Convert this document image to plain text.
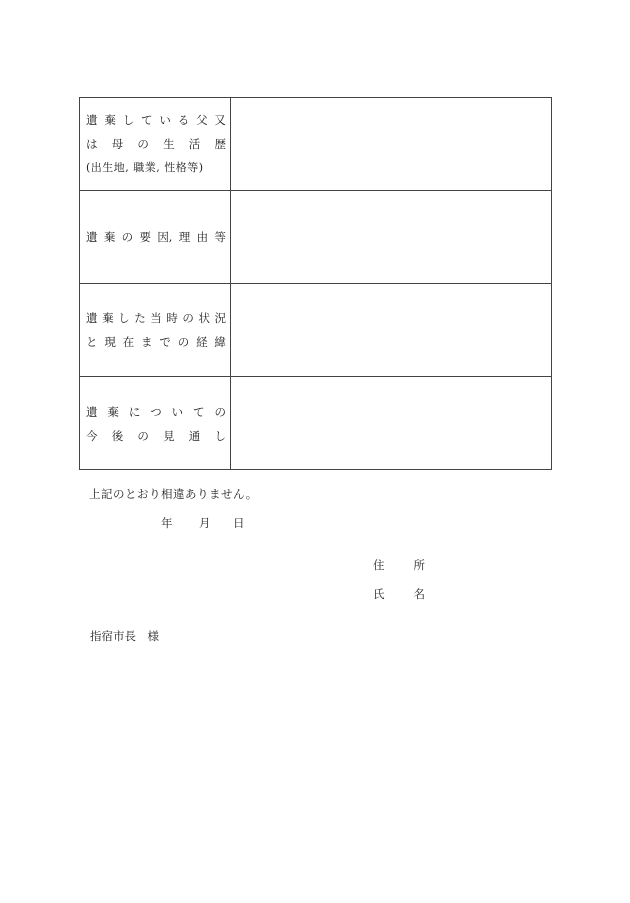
遺 棄 し て い る 父 又
は 母 の 生 活 歴
(出生地, 職業, 性格等)
遺 棄 の 要 因, 理 由 等
遺 棄 し た 当 時 の 状 況
と 現 在 ま で の 経 緯
遺 棄 に つ い て の
今 後 の 見 通 し
上記のとおり相違ありません。
年 月 日
住	所
氏	名
指宿市長　様
